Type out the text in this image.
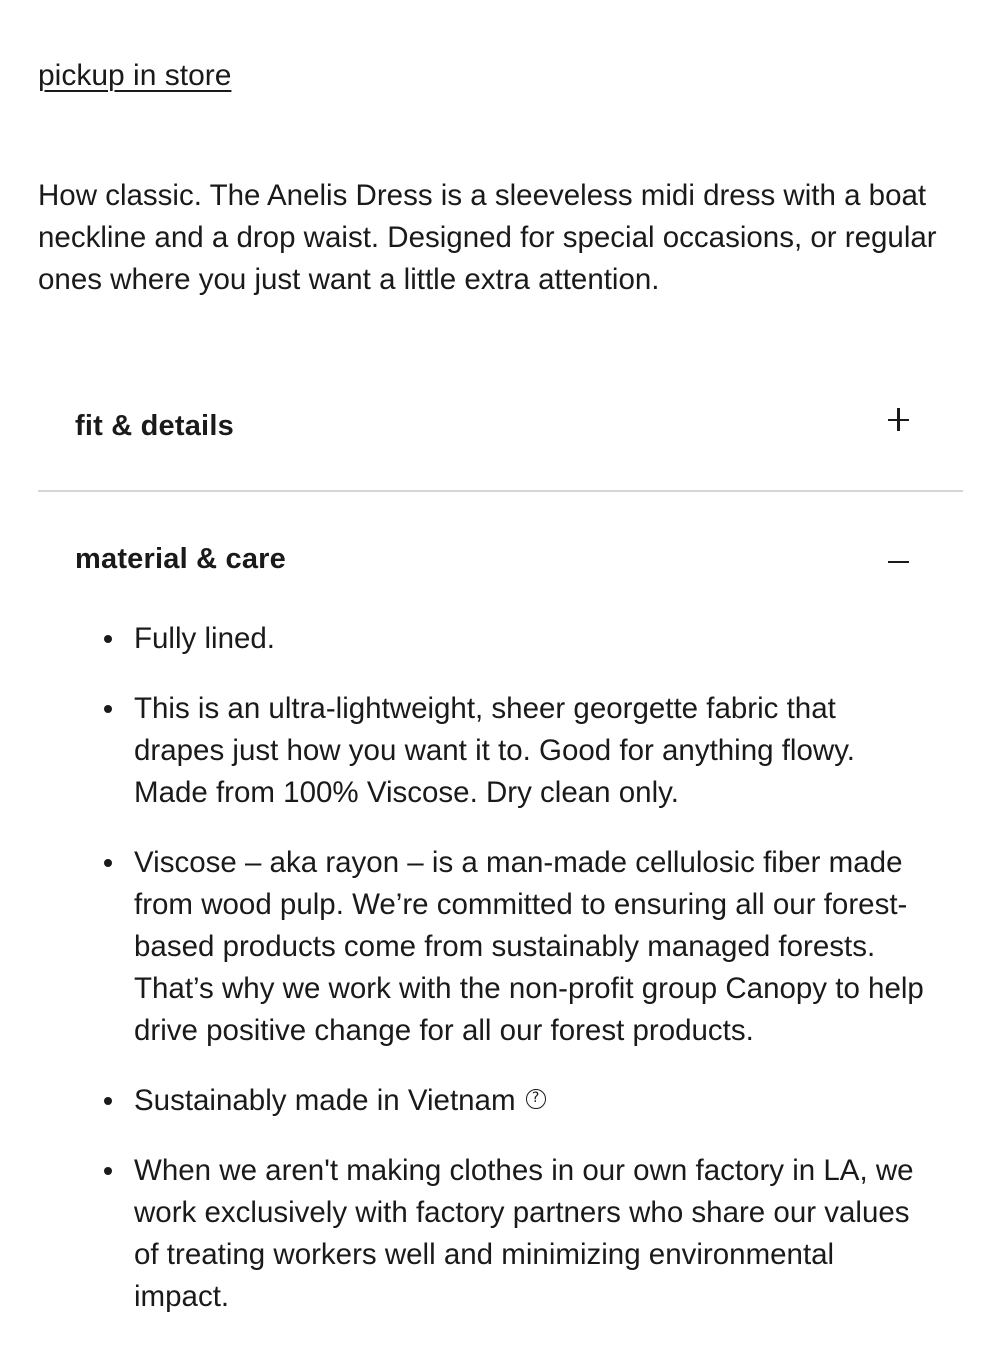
pickup in store

How classic. The Anelis Dress is a sleeveless midi dress with a boat neckline and a drop waist. Designed for special occasions, or regular ones where you just want a little extra attention.

fit & details
material & care
Fully lined.
This is an ultra-lightweight, sheer georgette fabric that drapes just how you want it to. Good for anything flowy. Made from 100% Viscose. Dry clean only.
Viscose – aka rayon – is a man-made cellulosic fiber made from wood pulp. We’re committed to ensuring all our forest-based products come from sustainably managed forests. That’s why we work with the non-profit group Canopy to help drive positive change for all our forest products.
Sustainably made in Vietnam ?
When we aren't making clothes in our own factory in LA, we work exclusively with factory partners who share our values of treating workers well and minimizing environmental impact.
